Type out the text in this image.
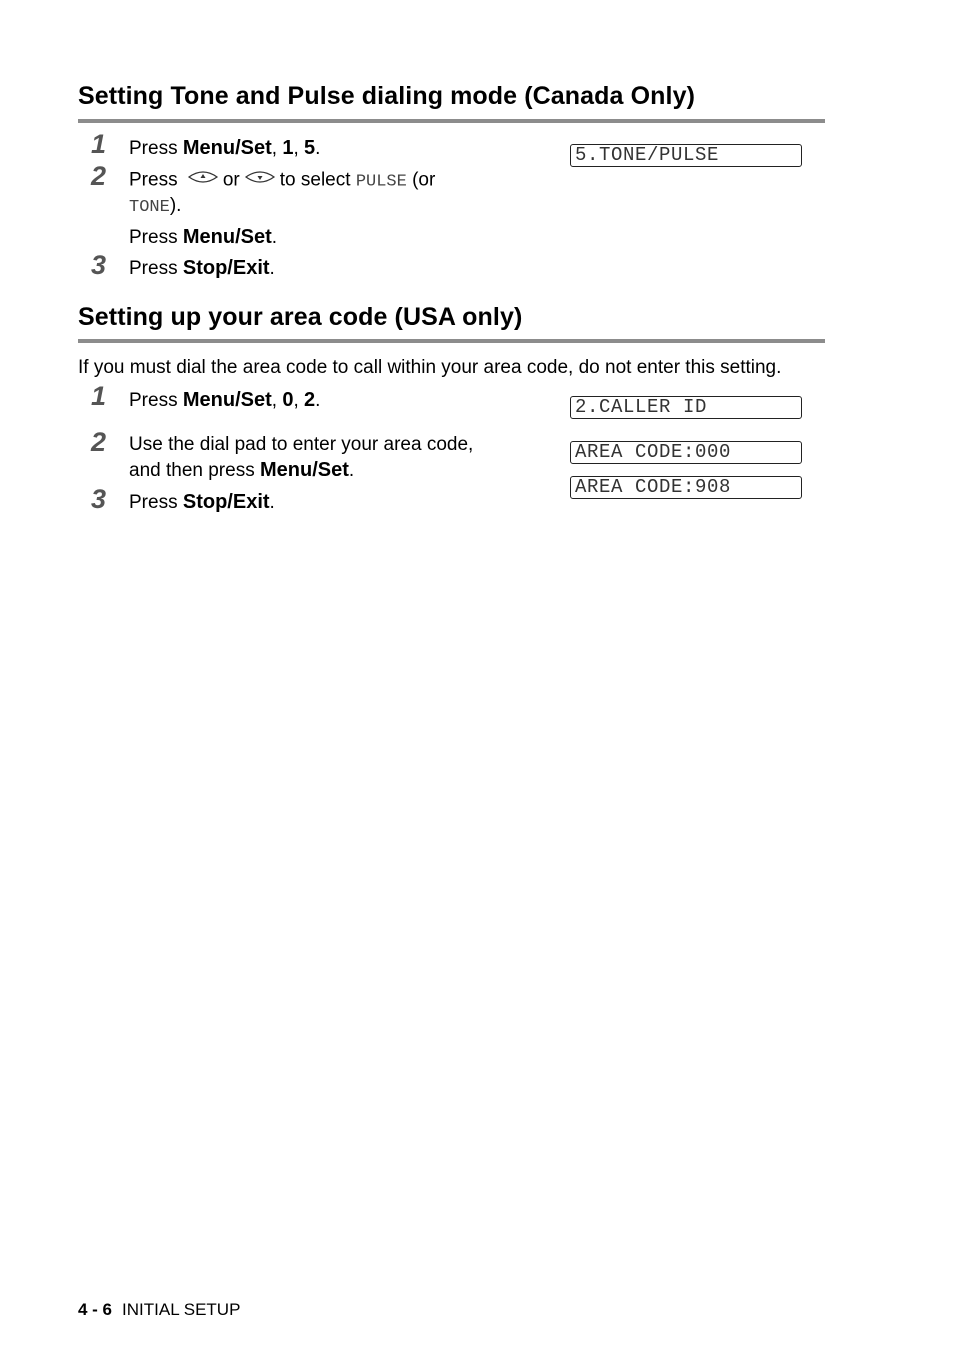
Setting Tone and Pulse dialing mode (Canada Only)
1 Press Menu/Set, 1, 5.
2 Press or to select PULSE (or
TONE).
Press Menu/Set.
3 Press Stop/Exit.
5.TONE/PULSE
Setting up your area code (USA only)
If you must dial the area code to call within your area code, do not enter this setting.
1 Press Menu/Set, 0, 2.
2 Use the dial pad to enter your area code,
and then press Menu/Set.
3 Press Stop/Exit.
2.CALLER ID
AREA CODE:000
AREA CODE:908
4 - 6 INITIAL SETUP
